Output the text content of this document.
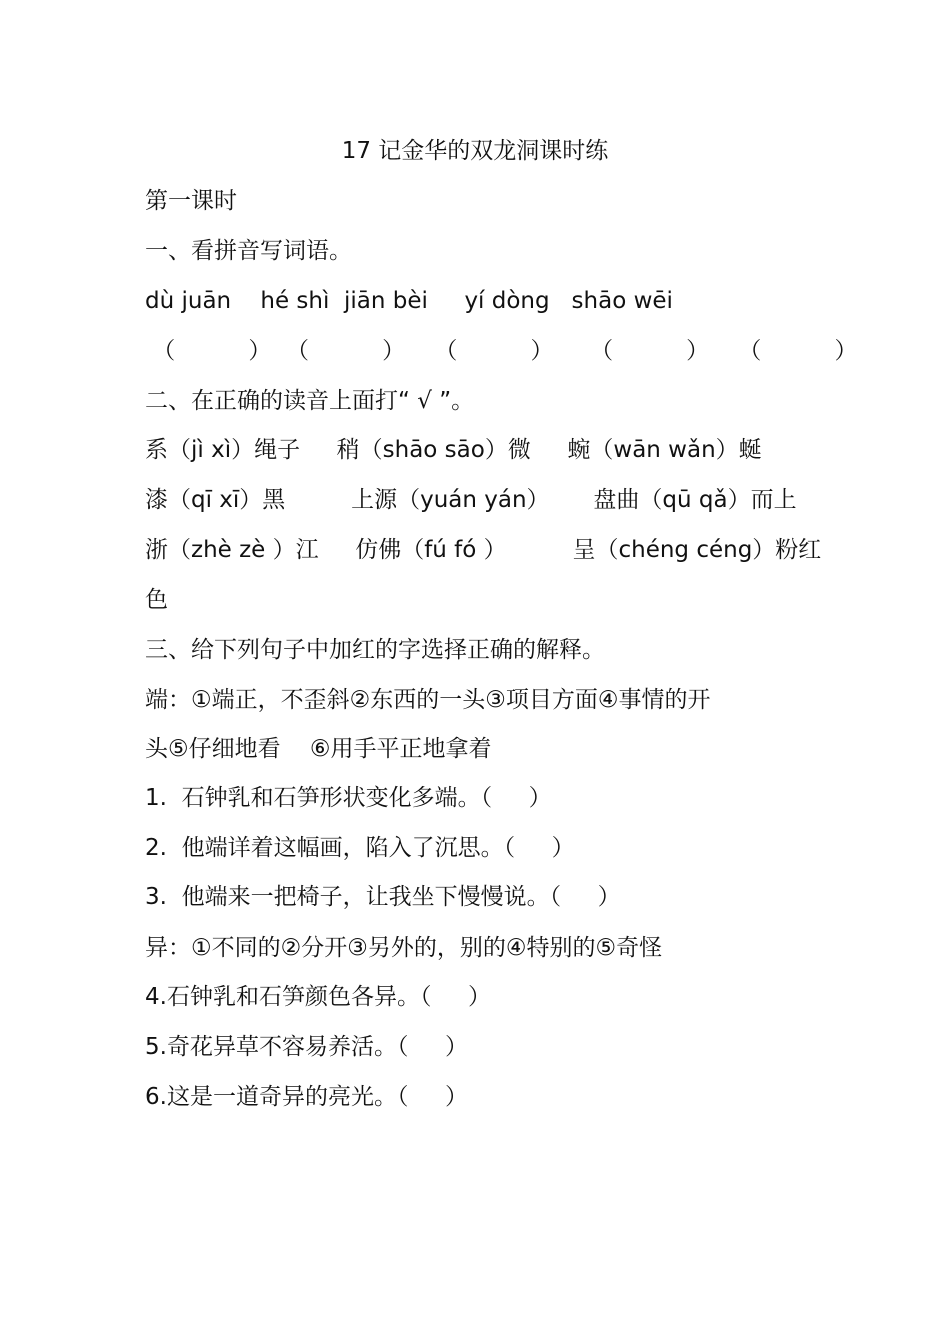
17 记金华的双龙洞课时练
第一课时
一、看拼音写词语。
dù juān    hé shì  jiān bèi     yí dòng   shāo wēi
（          ）  （          ）    （          ）     （          ）    （          ）
二、在正确的读音上面打“ √ ”。
系（jì xì）绳子     稍（shāo sāo）微     蜿（wān wǎn）蜒
漆（qī xī）黑         上源（yuán yán）      盘曲（qū qǎ）而上
浙（zhè zè ）江     仿佛（fú fó ）         呈（chéng céng）粉红
色
三、给下列句子中加红的字选择正确的解释。
端：①端正，不歪斜②东西的一头③项目方面④事情的开
头⑤仔细地看    ⑥用手平正地拿着
1.  石钟乳和石笋形状变化多端。（     ）
2.  他端详着这幅画，陷入了沉思。（     ）
3.  他端来一把椅子，让我坐下慢慢说。（     ）
异：①不同的②分开③另外的，别的④特别的⑤奇怪
4.石钟乳和石笋颜色各异。（     ）
5.奇花异草不容易养活。（     ）
6.这是一道奇异的亮光。（     ）
